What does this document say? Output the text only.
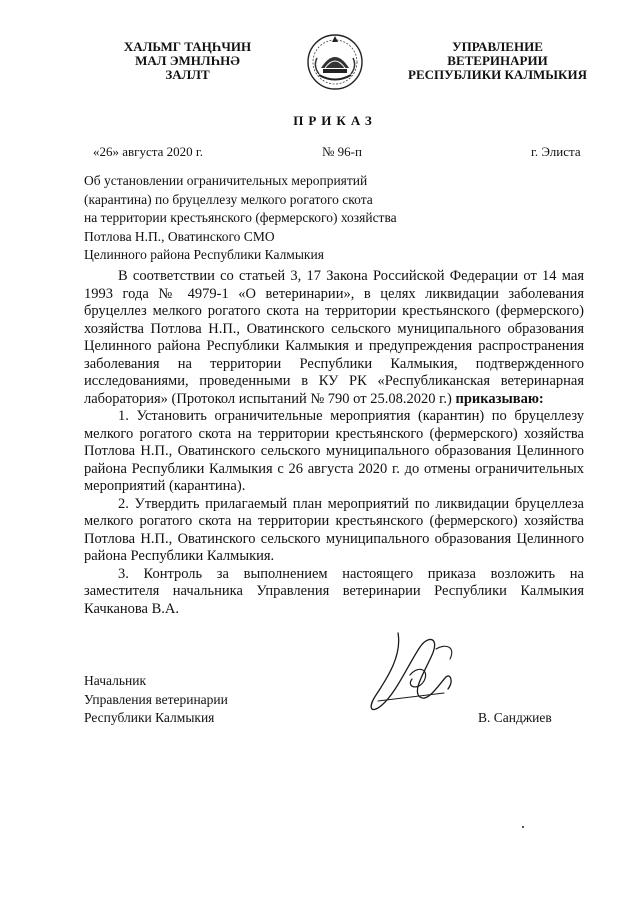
ХАЛЬМГ ТАҢҺЧИН
МАЛ ЭМНЛҺНӘ
ЗАЛЛТ
УПРАВЛЕНИЕ
ВЕТЕРИНАРИИ
РЕСПУБЛИКИ КАЛМЫКИЯ
ПРИКАЗ
«26» августа 2020 г.	№ 96-п	г. Элиста
Об установлении ограничительных мероприятий
(карантина) по бруцеллезу мелкого рогатого скота
на территории крестьянского (фермерского) хозяйства
Потлова Н.П., Оватинского СМО
Целинного района Республики Калмыкия

В соответствии со статьей 3, 17 Закона Российской Федерации от 14 мая 1993 года № 4979-1 «О ветеринарии», в целях ликвидации заболевания бруцеллез мелкого рогатого скота на территории крестьянского (фермерского) хозяйства Потлова Н.П., Оватинского сельского муниципального образования Целинного района Республики Калмыкия и предупреждения распространения заболевания на территории Республики Калмыкия, подтвержденного исследованиями, проведенными в КУ РК «Республиканская ветеринарная лаборатория» (Протокол испытаний № 790 от 25.08.2020 г.) приказываю:

1. Установить ограничительные мероприятия (карантин) по бруцеллезу мелкого рогатого скота на территории крестьянского (фермерского) хозяйства Потлова Н.П., Оватинского сельского муниципального образования Целинного района Республики Калмыкия с 26 августа 2020 г. до отмены ограничительных мероприятий (карантина).

2. Утвердить прилагаемый план мероприятий по ликвидации бруцеллеза мелкого рогатого скота на территории крестьянского (фермерского) хозяйства Потлова Н.П., Оватинского сельского муниципального образования Целинного района Республики Калмыкия.

3. Контроль за выполнением настоящего приказа возложить на заместителя начальника Управления ветеринарии Республики Калмыкия Качканова В.А.

Начальник
Управления ветеринарии
Республики Калмыкия	В. Санджиев
